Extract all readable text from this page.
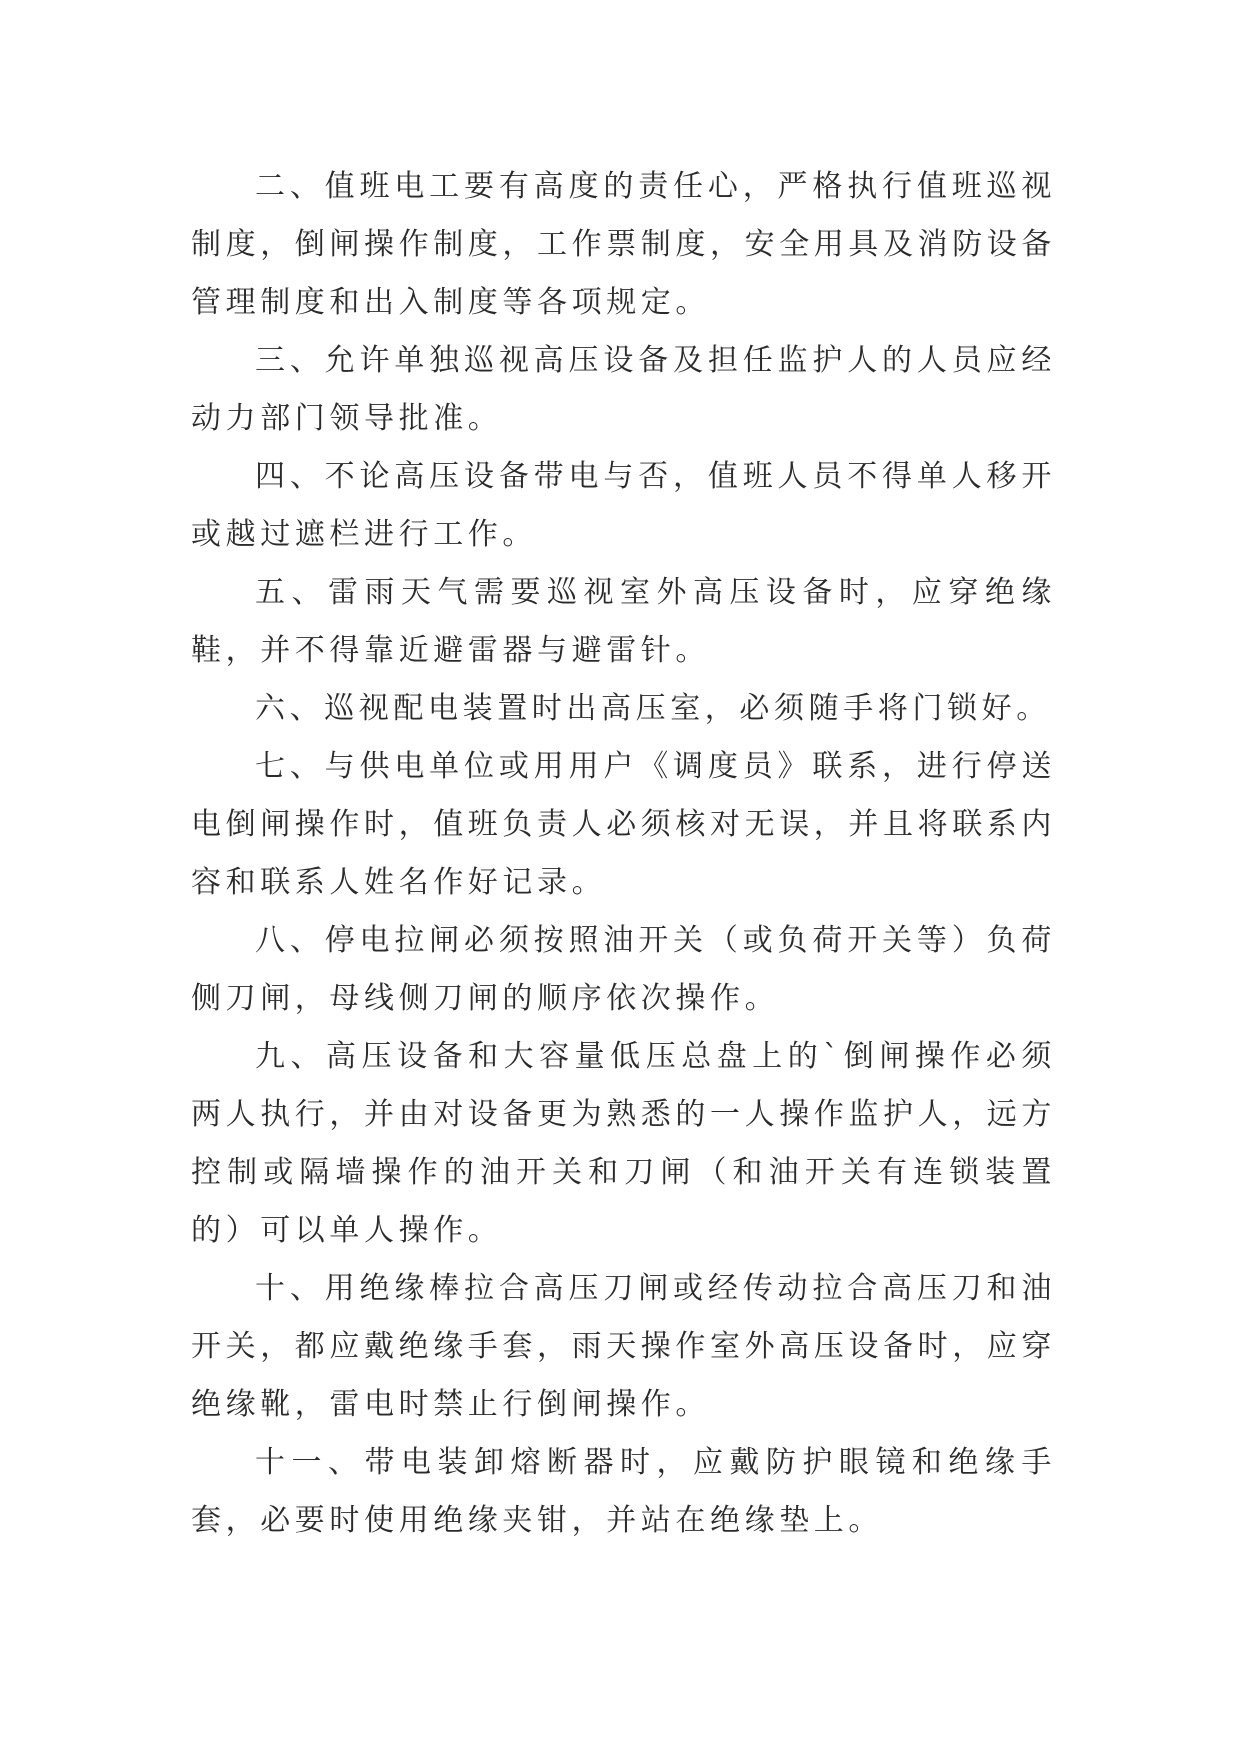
二、值班电工要有高度的责任心，严格执行值班巡视制度，倒闸操作制度，工作票制度，安全用具及消防设备管理制度和出入制度等各项规定。

三、允许单独巡视高压设备及担任监护人的人员应经动力部门领导批准。

四、不论高压设备带电与否，值班人员不得单人移开或越过遮栏进行工作。

五、雷雨天气需要巡视室外高压设备时，应穿绝缘鞋，并不得靠近避雷器与避雷针。

六、巡视配电装置时出高压室，必须随手将门锁好。

七、与供电单位或用用户《调度员》联系，进行停送电倒闸操作时，值班负责人必须核对无误，并且将联系内容和联系人姓名作好记录。

八、停电拉闸必须按照油开关（或负荷开关等）负荷侧刀闸，母线侧刀闸的顺序依次操作。

九、高压设备和大容量低压总盘上的`倒闸操作必须两人执行，并由对设备更为熟悉的一人操作监护人，远方控制或隔墙操作的油开关和刀闸（和油开关有连锁装置的）可以单人操作。

十、用绝缘棒拉合高压刀闸或经传动拉合高压刀和油开关，都应戴绝缘手套，雨天操作室外高压设备时，应穿绝缘靴，雷电时禁止行倒闸操作。

十一、带电装卸熔断器时，应戴防护眼镜和绝缘手套，必要时使用绝缘夹钳，并站在绝缘垫上。
